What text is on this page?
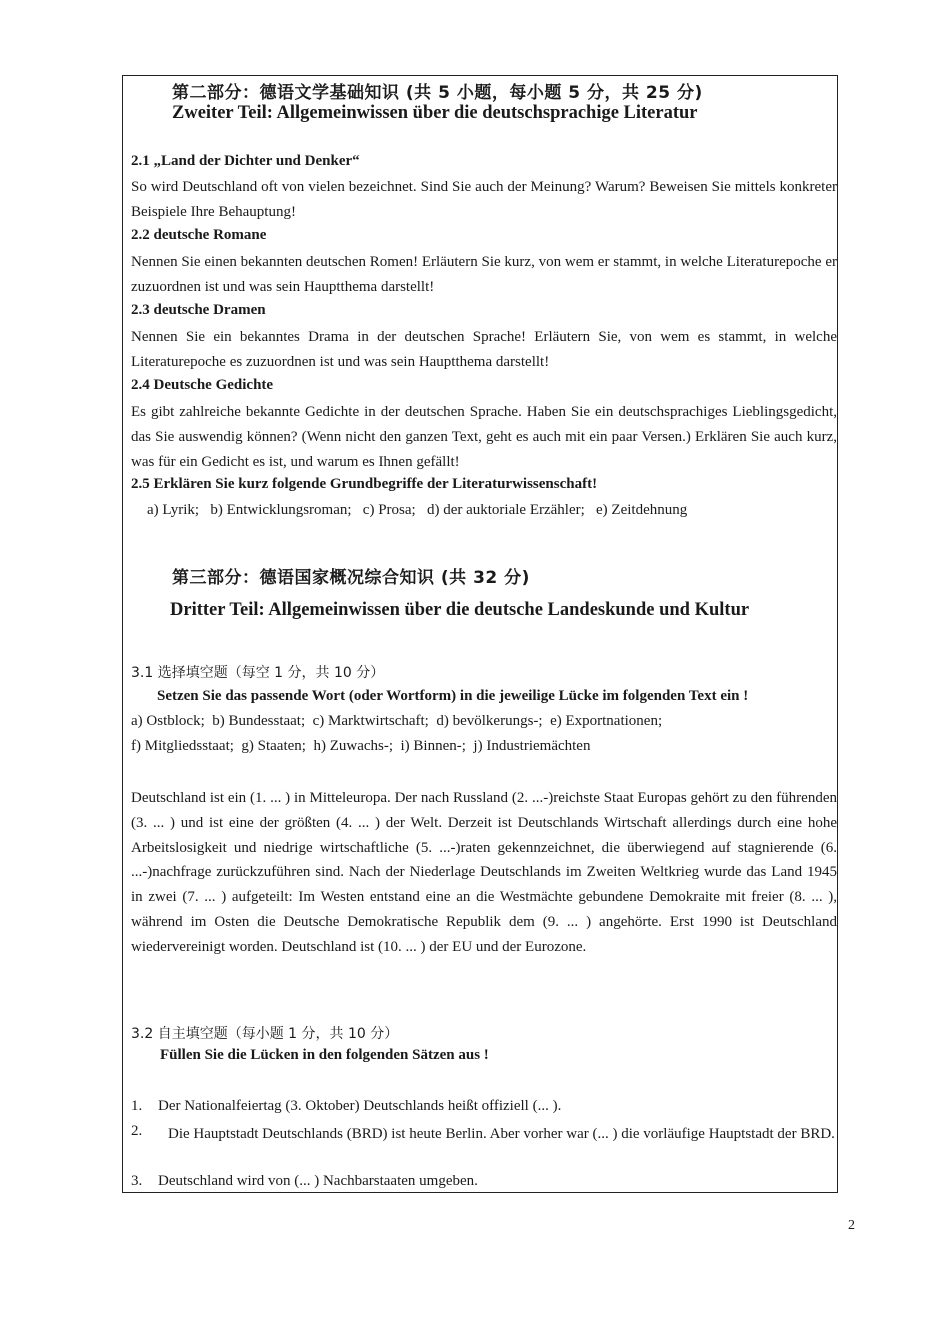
第二部分：德语文学基础知识 (共 5 小题，每小题 5 分，共 25 分)
Zweiter Teil: Allgemeinwissen über die deutschsprachige Literatur
2.1 „Land der Dichter und Denker“
So wird Deutschland oft von vielen bezeichnet. Sind Sie auch der Meinung? Warum? Beweisen Sie mittels konkreter Beispiele Ihre Behauptung!
2.2 deutsche Romane
Nennen Sie einen bekannten deutschen Romen! Erläutern Sie kurz, von wem er stammt, in welche Literaturepoche er zuzuordnen ist und was sein Hauptthema darstellt!
2.3 deutsche Dramen
Nennen Sie ein bekanntes Drama in der deutschen Sprache! Erläutern Sie, von wem es stammt, in welche Literaturepoche es zuzuordnen ist und was sein Hauptthema darstellt!
2.4 Deutsche Gedichte
Es gibt zahlreiche bekannte Gedichte in der deutschen Sprache. Haben Sie ein deutschsprachiges Lieblingsgedicht, das Sie auswendig können? (Wenn nicht den ganzen Text, geht es auch mit ein paar Versen.) Erklären Sie auch kurz, was für ein Gedicht es ist, und warum es Ihnen gefällt!
2.5 Erklären Sie kurz folgende Grundbegriffe der Literaturwissenschaft!
a) Lyrik;   b) Entwicklungsroman;   c) Prosa;   d) der auktoriale Erzähler;   e) Zeitdehnung
第三部分：德语国家概况综合知识 (共 32 分)
Dritter Teil: Allgemeinwissen über die deutsche Landeskunde und Kultur
3.1 选择填空题（每空 1 分，共 10 分）
Setzen Sie das passende Wort (oder Wortform) in die jeweilige Lücke im folgenden Text ein !
a) Ostblock;  b) Bundesstaat;  c) Marktwirtschaft;  d) bevölkerungs-;  e) Exportnationen;
f) Mitgliedsstaat;  g) Staaten;  h) Zuwachs-;  i) Binnen-;  j) Industriemächten
Deutschland ist ein (1. ... ) in Mitteleuropa. Der nach Russland (2. ...-)reichste Staat Europas gehört zu den führenden (3. ... ) und ist eine der größten (4. ... ) der Welt. Derzeit ist Deutschlands Wirtschaft allerdings durch eine hohe Arbeitslosigkeit und niedrige wirtschaftliche (5. ...-)raten gekennzeichnet, die überwiegend auf stagnierende (6. ...-)nachfrage zurückzuführen sind. Nach der Niederlage Deutschlands im Zweiten Weltkrieg wurde das Land 1945 in zwei (7. ... ) aufgeteilt: Im Westen entstand eine an die Westmächte gebundene Demokraite mit freier (8. ... ), während im Osten die Deutsche Demokratische Republik dem (9. ... ) angehörte. Erst 1990 ist Deutschland wiedervereinigt worden. Deutschland ist (10. ... ) der EU und der Eurozone.
3.2 自主填空题（每小题 1 分，共 10 分）
Füllen Sie die Lücken in den folgenden Sätzen aus !
1. Der Nationalfeiertag (3. Oktober) Deutschlands heißt offiziell (... ).
2.	Die Hauptstadt Deutschlands (BRD) ist heute Berlin. Aber vorher war (... ) die vorläufige Hauptstadt der BRD.
3. Deutschland wird von (... ) Nachbarstaaten umgeben.
2
